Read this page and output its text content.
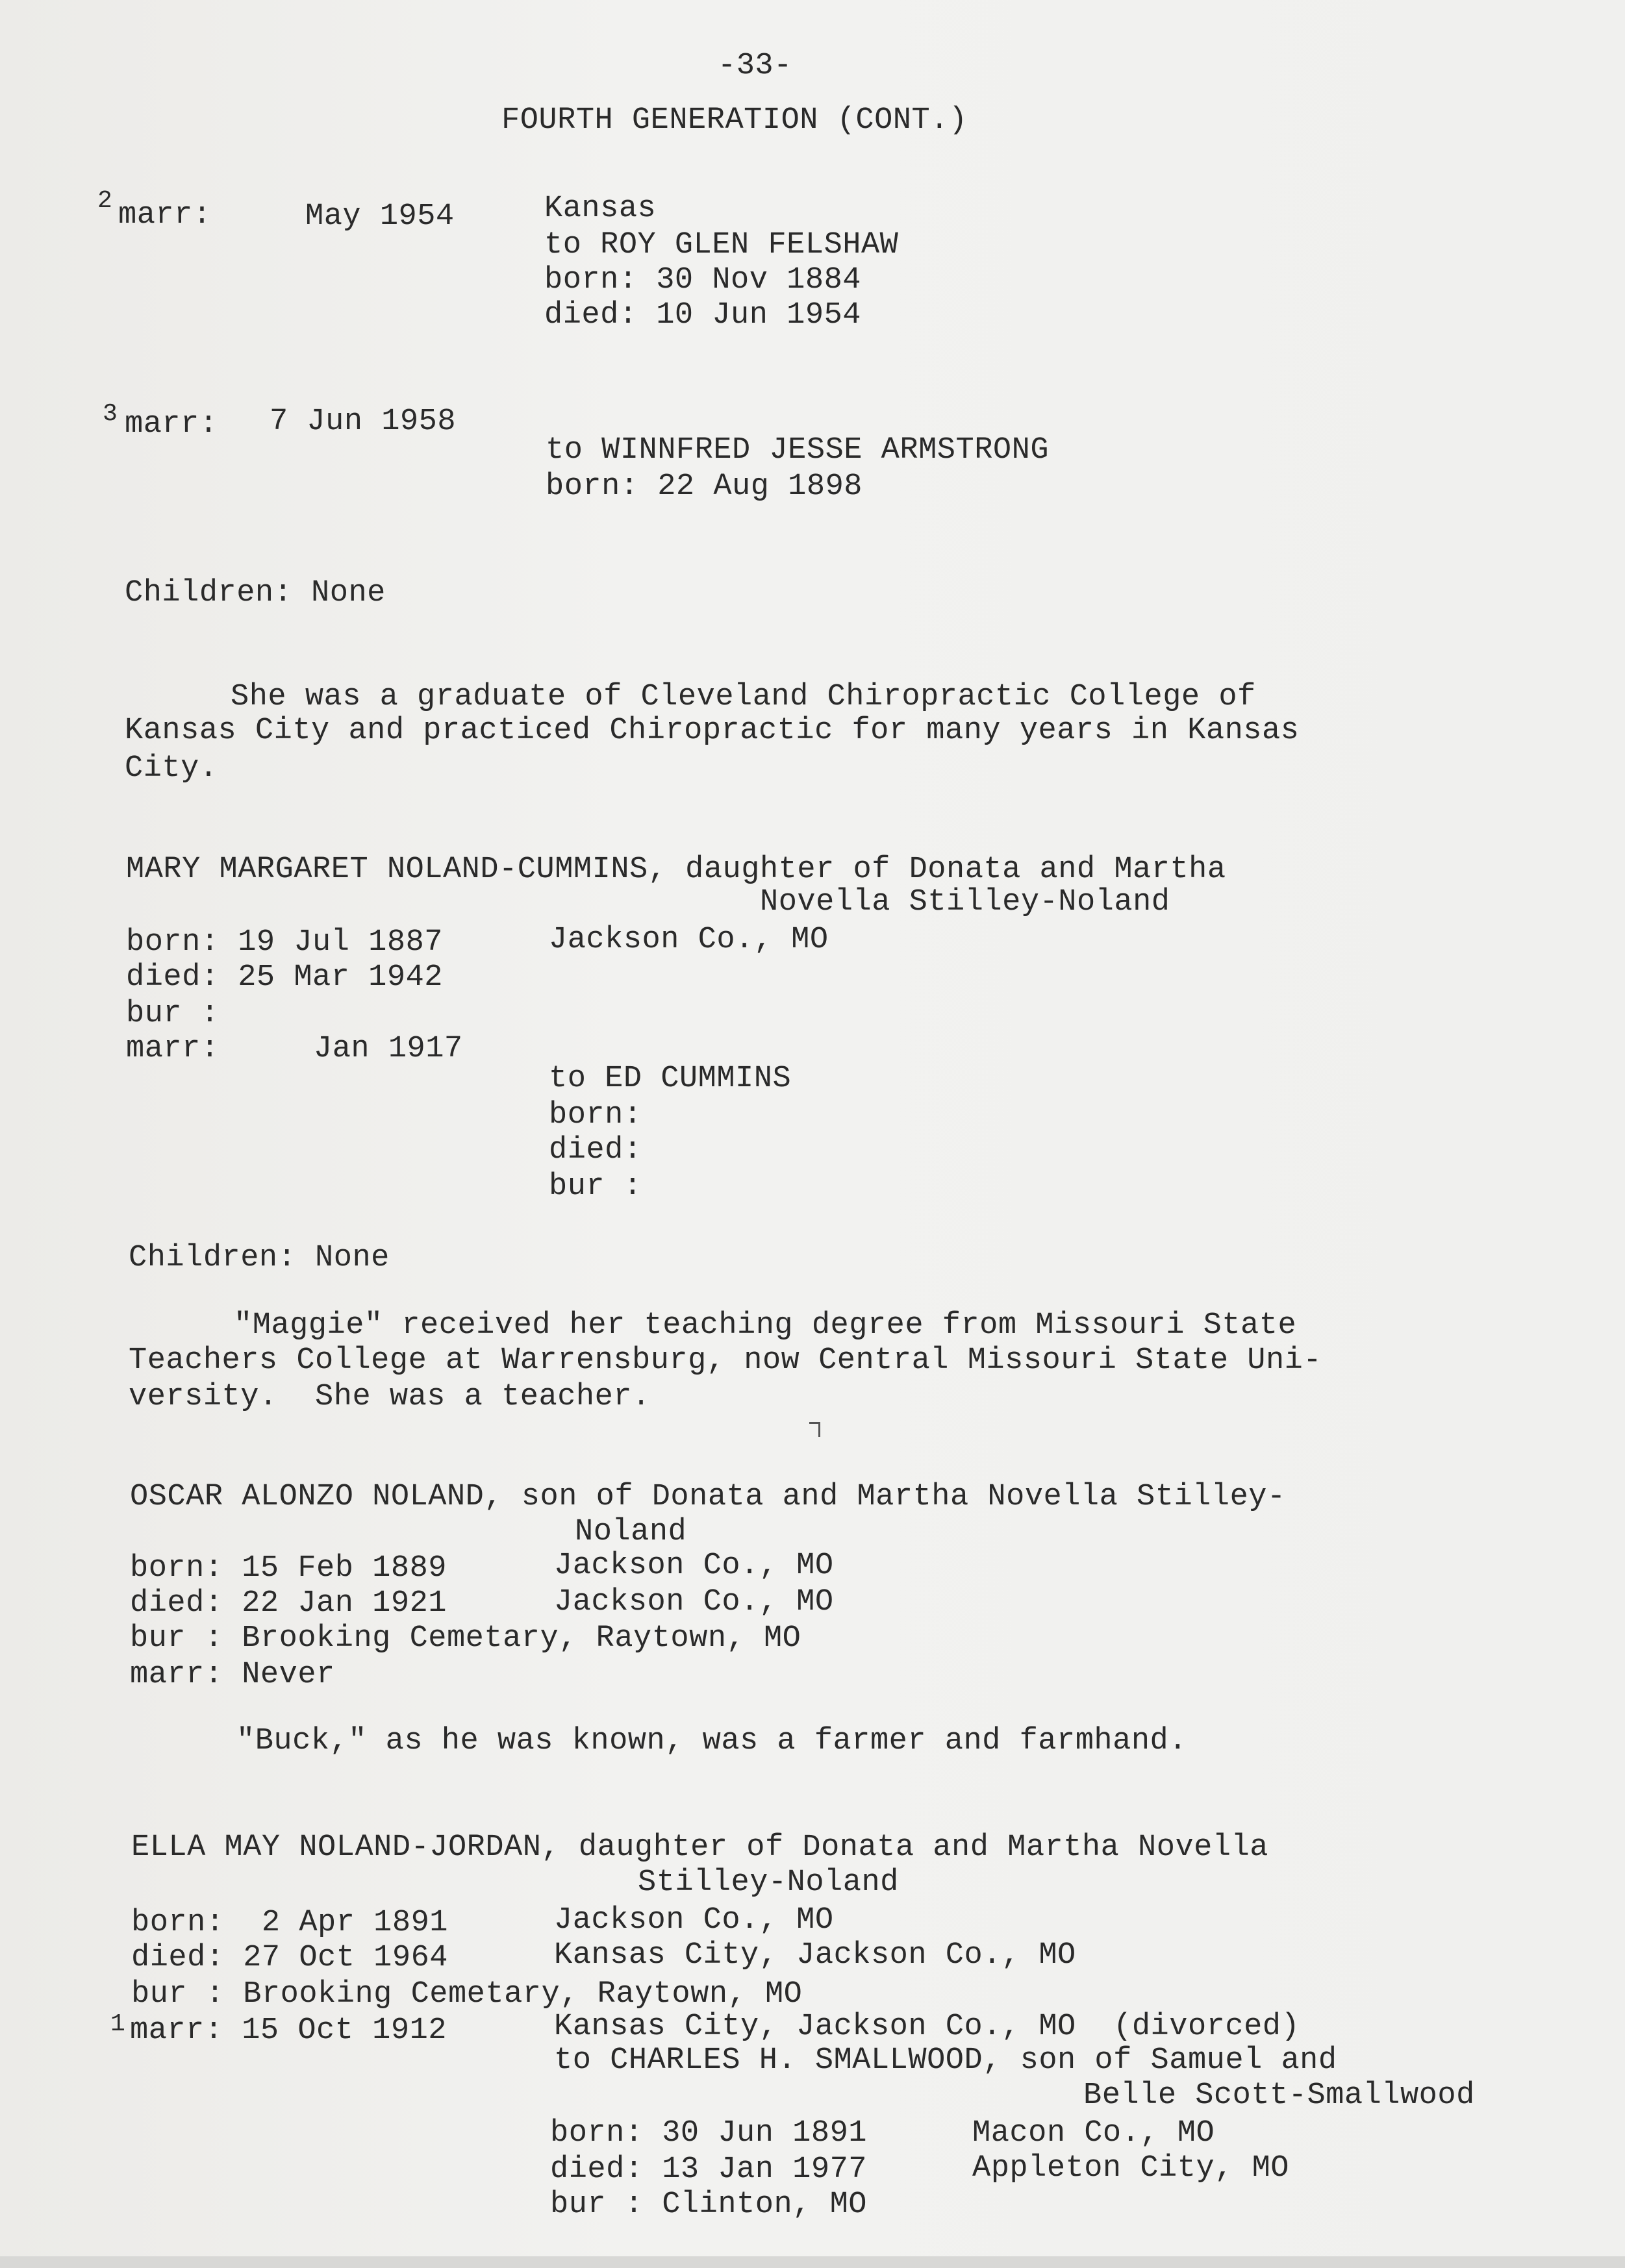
-33-
FOURTH GENERATION (CONT.)
2 marr:	May 1954	Kansas
to ROY GLEN FELSHAW
born: 30 Nov 1884
died: 10 Jun 1954
3 marr: 7 Jun 1958
to WINNFRED JESSE ARMSTRONG
born: 22 Aug 1898
Children: None
She was a graduate of Cleveland Chiropractic College of
Kansas City and practiced Chiropractic for many years in Kansas
City.
MARY MARGARET NOLAND-CUMMINS, daughter of Donata and Martha
Novella Stilley-Noland
born: 19 Jul 1887	Jackson Co., MO
died: 25 Mar 1942
bur :
marr:	Jan 1917
to ED CUMMINS
born:
died:
bur :
Children: None
"Maggie" received her teaching degree from Missouri State
Teachers College at Warrensburg, now Central Missouri State Uni-
versity.  She was a teacher.
OSCAR ALONZO NOLAND, son of Donata and Martha Novella Stilley-
Noland
born: 15 Feb 1889	Jackson Co., MO
died: 22 Jan 1921	Jackson Co., MO
bur : Brooking Cemetary, Raytown, MO
marr: Never
"Buck," as he was known, was a farmer and farmhand.
ELLA MAY NOLAND-JORDAN, daughter of Donata and Martha Novella
Stilley-Noland
born:  2 Apr 1891	Jackson Co., MO
died: 27 Oct 1964	Kansas City, Jackson Co., MO
bur : Brooking Cemetary, Raytown, MO
1 marr: 15 Oct 1912	Kansas City, Jackson Co., MO  (divorced)
to CHARLES H. SMALLWOOD, son of Samuel and
Belle Scott-Smallwood
born: 30 Jun 1891	Macon Co., MO
died: 13 Jan 1977	Appleton City, MO
bur : Clinton, MO
